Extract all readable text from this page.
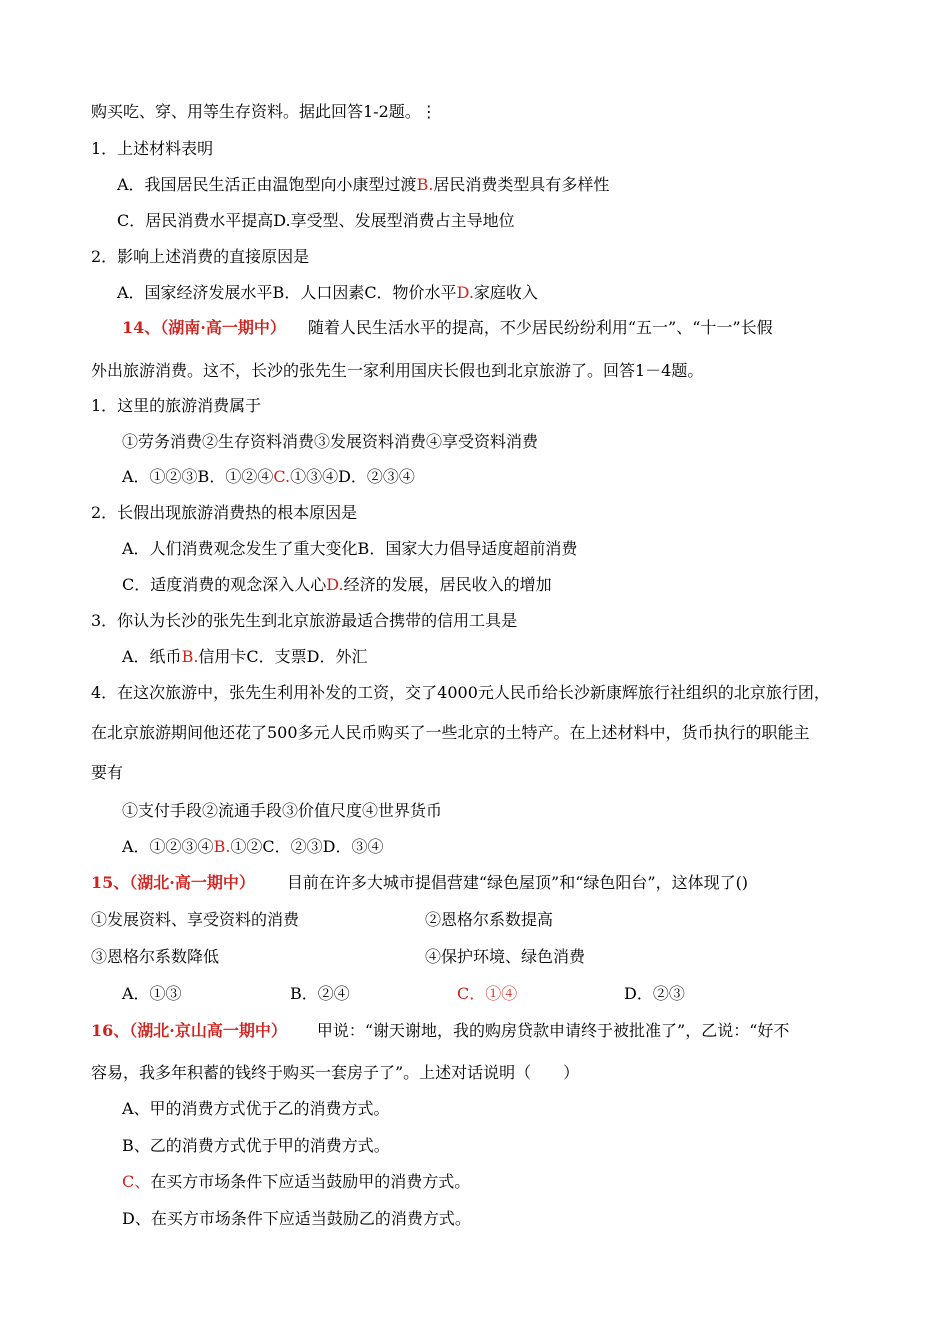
购买吃、穿、用等生存资料。据此回答1-2题。⋮
1．上述材料表明
A．我国居民生活正由温饱型向小康型过渡B.居民消费类型具有多样性
C．居民消费水平提高D.享受型、发展型消费占主导地位
2．影响上述消费的直接原因是
A．国家经济发展水平B．人口因素C．物价水平D.家庭收入
14、（湖南·高一期中） 随着人民生活水平的提高，不少居民纷纷利用“五一”、“十一”长假
外出旅游消费。这不，长沙的张先生一家利用国庆长假也到北京旅游了。回答1－4题。
1．这里的旅游消费属于
①劳务消费②生存资料消费③发展资料消费④享受资料消费
A．①②③B．①②④C.①③④D．②③④
2．长假出现旅游消费热的根本原因是
A．人们消费观念发生了重大变化B．国家大力倡导适度超前消费
C．适度消费的观念深入人心D.经济的发展，居民收入的增加
3．你认为长沙的张先生到北京旅游最适合携带的信用工具是
A．纸币B.信用卡C．支票D．外汇
4．在这次旅游中，张先生利用补发的工资，交了4000元人民币给长沙新康辉旅行社组织的北京旅行团，
在北京旅游期间他还花了500多元人民币购买了一些北京的土特产。在上述材料中，货币执行的职能主
要有
①支付手段②流通手段③价值尺度④世界货币
A．①②③④B.①②C．②③D．③④
15、（湖北·高一期中） 目前在许多大城市提倡营建“绿色屋顶”和“绿色阳台”，这体现了()
①发展资料、享受资料的消费	②恩格尔系数提高
③恩格尔系数降低	④保护环境、绿色消费
A．①③	B．②④	C．①④	D．②③
16、（湖北·京山高一期中） 甲说：“谢天谢地，我的购房贷款申请终于被批准了”，乙说：“好不
容易，我多年积蓄的钱终于购买一套房子了”。上述对话说明（　　）
A、甲的消费方式优于乙的消费方式。
B、乙的消费方式优于甲的消费方式。
C、在买方市场条件下应适当鼓励甲的消费方式。
D、在买方市场条件下应适当鼓励乙的消费方式。
